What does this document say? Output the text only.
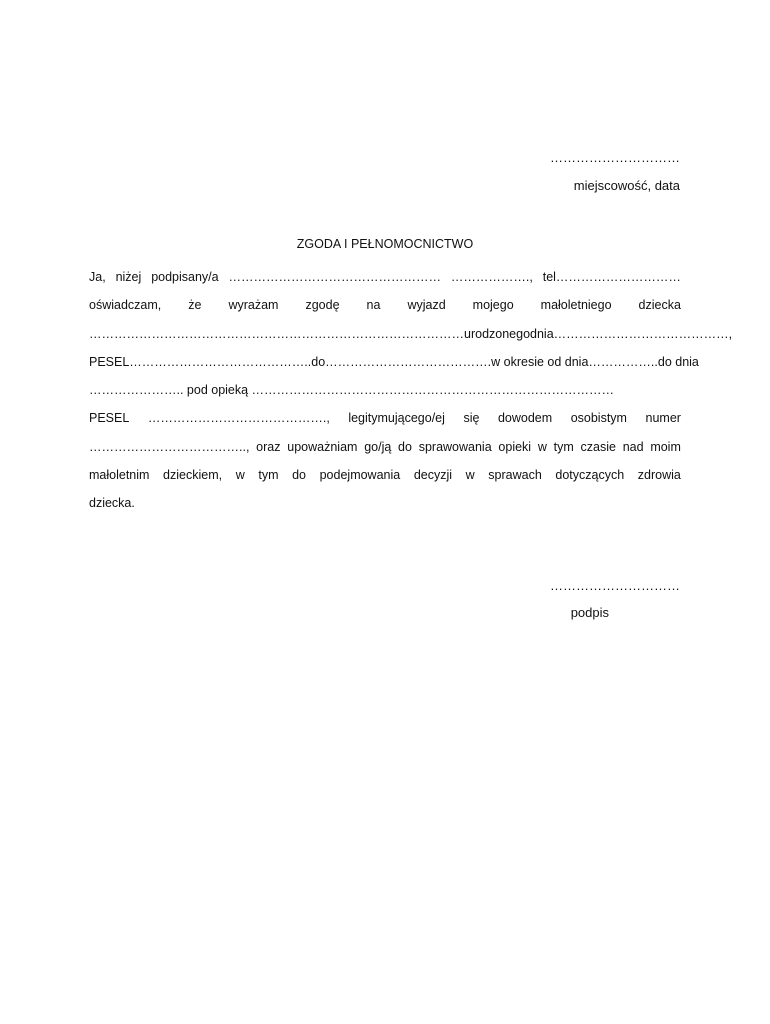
…………………………
miejscowość, data
ZGODA I PEŁNOMOCNICTWO
Ja, niżej podpisany/a …………………………………………… ………………., tel…………………………
oświadczam, że wyrażam zgodę na wyjazd mojego małoletniego dziecka
……………………………………………………………………………… urodzonego dnia ……………………………………,
PESEL…………………………………….. do ……………………………… ….w okresie od dnia …………….. do dnia
………………….. pod opieką ……………………………………………………………………………
PESEL ……………………………………., legitymującego/ej się dowodem osobistym numer
……………………………….., oraz upoważniam go/ją do sprawowania opieki w tym czasie nad moim
małoletnim dzieckiem, w tym do podejmowania decyzji w sprawach dotyczących zdrowia
dziecka.
…………………………
podpis
